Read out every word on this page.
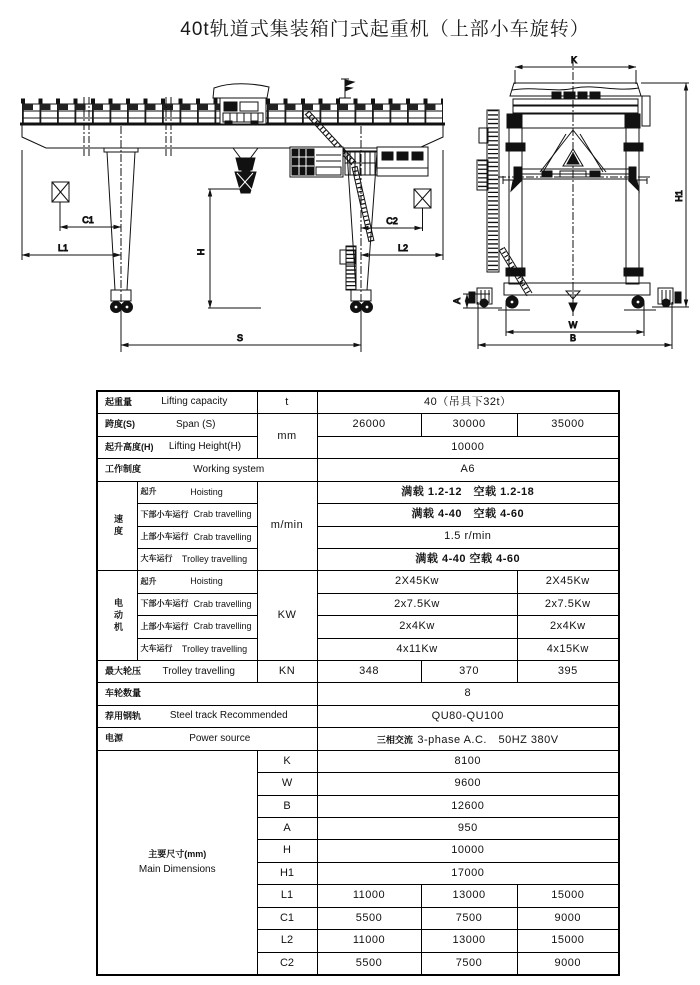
40t轨道式集装箱门式起重机（上部小车旋转）
C1
L1	H
S
C2
L2
K
H1
A
W
B
起重量 Lifting capacity		t	40（吊具下32t）		

跨度(S) Span (S)		mm	26000	30000	35000

起升高度(H) Lifting Height(H)			10000		

工作制度 Working system			A6		

速度	起升 Hoisting	m/min	满载 1.2-12　空载 1.2-18		

	下部小车运行 Crab travelling		满载 4-40　空载 4-60		

	上部小车运行 Crab travelling		1.5 r/min		

	大车运行 Trolley travelling		满载 4-40 空载 4-60		

电动机	起升 Hoisting	KW	2X45Kw		2X45Kw

	下部小车运行 Crab travelling		2x7.5Kw		2x7.5Kw

	上部小车运行 Crab travelling		2x4Kw		2x4Kw

	大车运行 Trolley travelling		4x11Kw		4x15Kw

最大轮压 Trolley travelling		KN	348	370	395

车轮数量			8		

荐用钢轨 Steel track Recommended			QU80-QU100		

电源 Power source			三相交流 3-phase A.C.　50HZ 380V		

主要尺寸(mm)
Main Dimensions		K	8100		
		W	9600		
		B	12600		
		A	950		
		H	10000		
		H1	17000		
		L1	11000	13000	15000
		C1	5500	7500	9000
		L2	11000	13000	15000
		C2	5500	7500	9000
